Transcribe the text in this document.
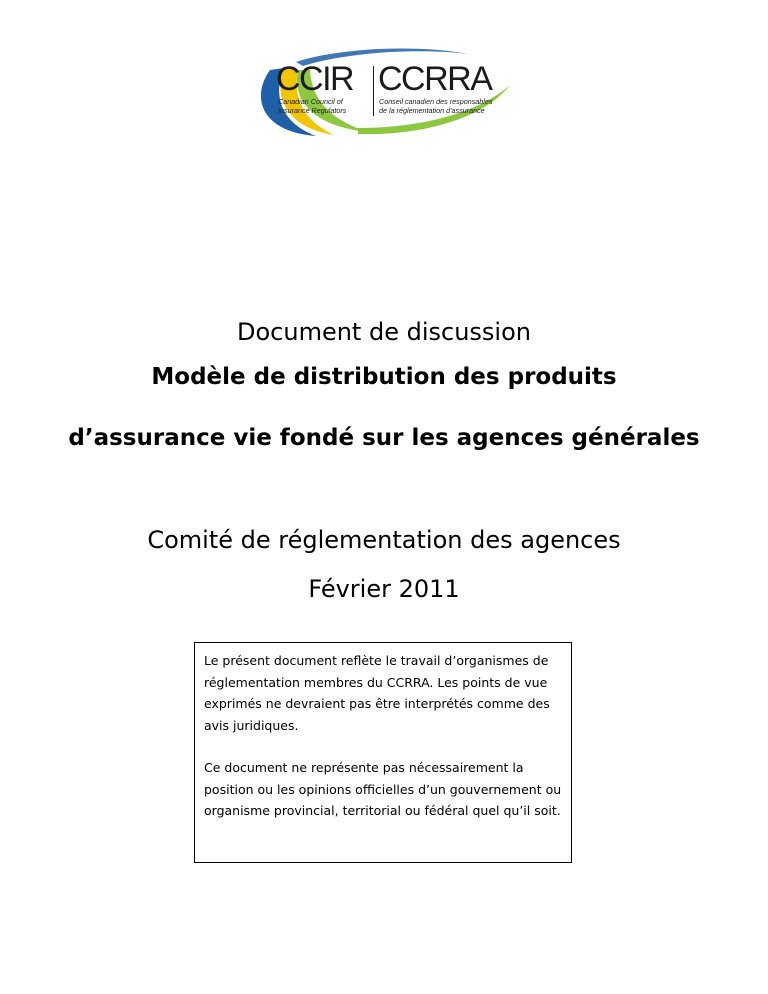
CCIR CCRRA
Canadian Council of
Insurance Regulators
Conseil canadien des responsables
de la réglementation d'assurance
Document de discussion
Modèle de distribution des produits
d’assurance vie fondé sur les agences générales
Comité de réglementation des agences
Février 2011

Le présent document reflète le travail d’organismes de
réglementation membres du CCRRA. Les points de vue
exprimés ne devraient pas être interprétés comme des
avis juridiques.

Ce document ne représente pas nécessairement la
position ou les opinions officielles d’un gouvernement ou
organisme provincial, territorial ou fédéral quel qu’il soit.
